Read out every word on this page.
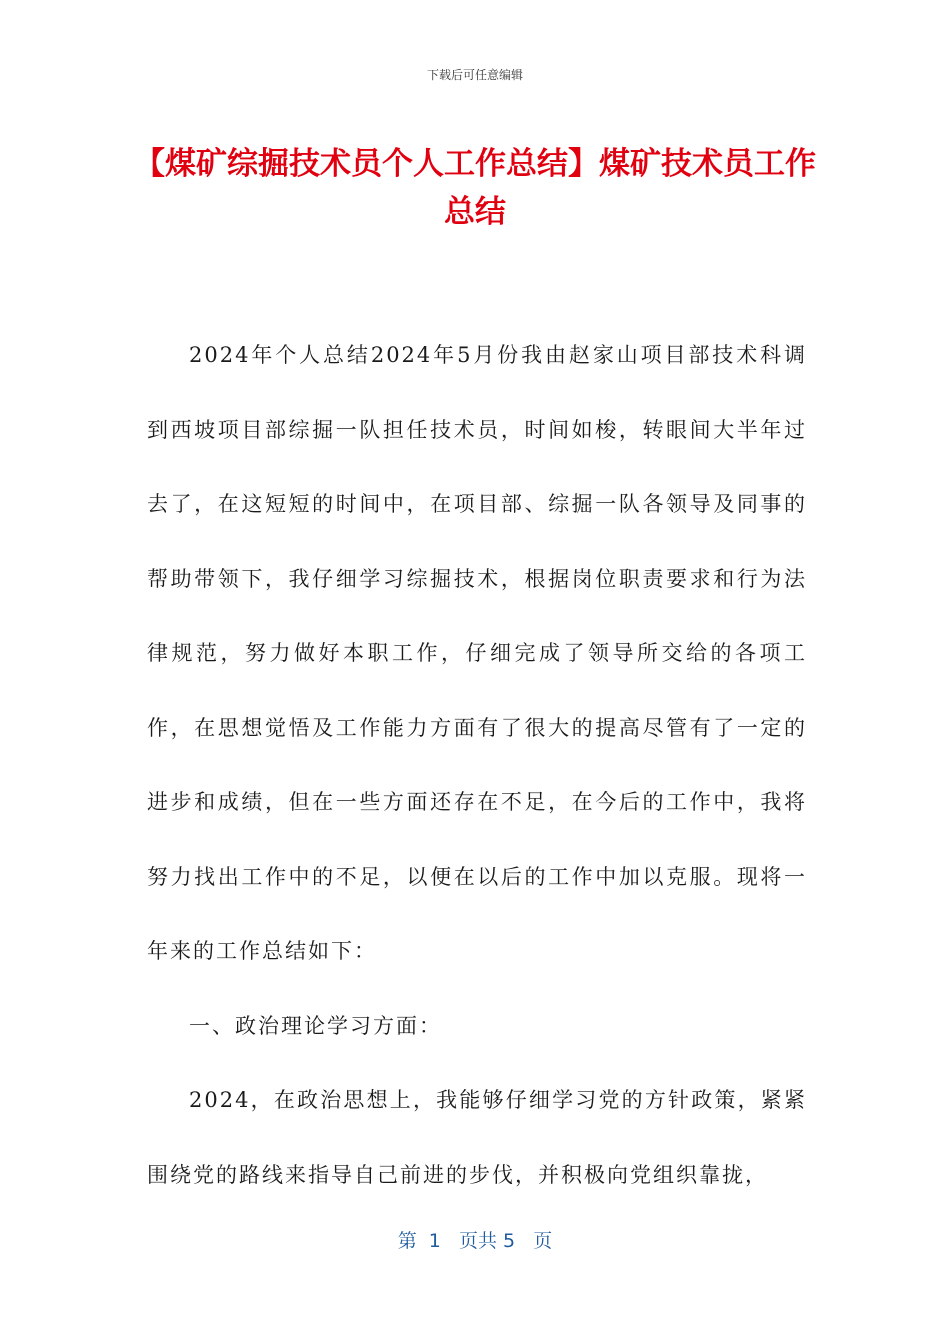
下载后可任意编辑
【煤矿综掘技术员个人工作总结】煤矿技术员工作总结

2024年个人总结2024年5月份我由赵家山项目部技术科调到西坡项目部综掘一队担任技术员，时间如梭，转眼间大半年过去了，在这短短的时间中，在项目部、综掘一队各领导及同事的帮助带领下，我仔细学习综掘技术，根据岗位职责要求和行为法律规范，努力做好本职工作，仔细完成了领导所交给的各项工作，在思想觉悟及工作能力方面有了很大的提高尽管有了一定的进步和成绩，但在一些方面还存在不足，在今后的工作中，我将努力找出工作中的不足，以便在以后的工作中加以克服。现将一年来的工作总结如下：

一、政治理论学习方面：

2024，在政治思想上，我能够仔细学习党的方针政策，紧紧围绕党的路线来指导自己前进的步伐，并积极向党组织靠拢，

第  1   页共 5   页
